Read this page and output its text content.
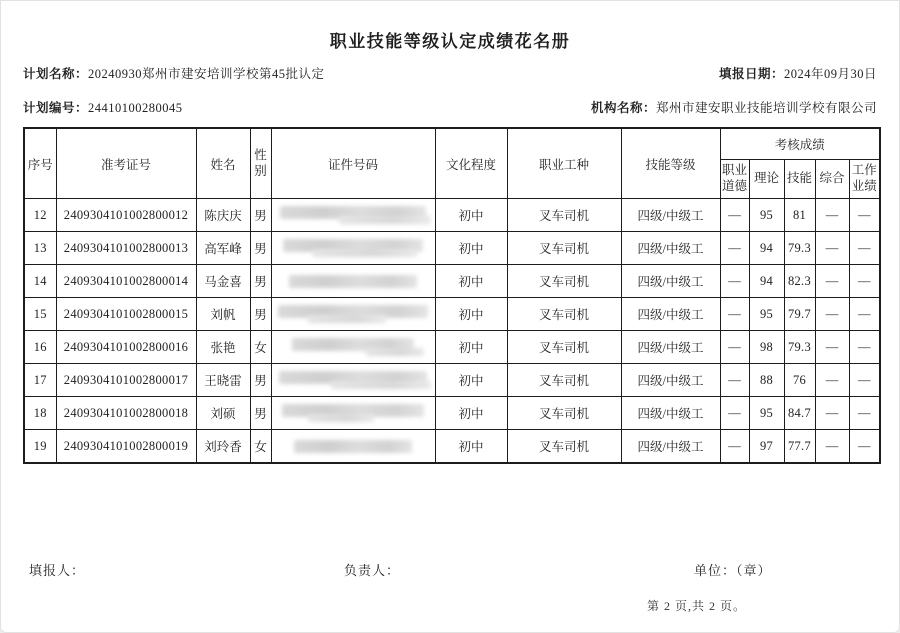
职业技能等级认定成绩花名册
计划名称：20240930郑州市建安培训学校第45批认定	填报日期：2024年09月30日
计划编号：24410100280045	机构名称：郑州市建安职业技能培训学校有限公司
序号	准考证号	姓名	性别	证件号码	文化程度	职业工种	技能等级	考核成绩				
								职业道德	理论	技能	综合	工作业绩
12	2409304101002800012	陈庆庆	男		初中	叉车司机	四级/中级工	—	95	81	—	—
13	2409304101002800013	高军峰	男		初中	叉车司机	四级/中级工	—	94	79.3	—	—
14	2409304101002800014	马金喜	男		初中	叉车司机	四级/中级工	—	94	82.3	—	—
15	2409304101002800015	刘帆	男		初中	叉车司机	四级/中级工	—	95	79.7	—	—
16	2409304101002800016	张艳	女		初中	叉车司机	四级/中级工	—	98	79.3	—	—
17	2409304101002800017	王晓雷	男		初中	叉车司机	四级/中级工	—	88	76	—	—
18	2409304101002800018	刘硕	男		初中	叉车司机	四级/中级工	—	95	84.7	—	—
19	2409304101002800019	刘玲香	女		初中	叉车司机	四级/中级工	—	97	77.7	—	—
填报人：	负责人：	单位：（章）
第 2 页,共 2 页。
